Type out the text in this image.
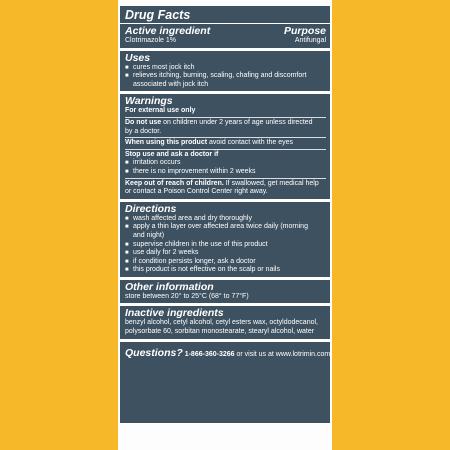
Drug Facts
Active ingredient	Purpose
Clotrimazole 1%	Antifungal
Uses
■ cures most jock itch
■ relieves itching, burning, scaling, chafing and discomfort
associated with jock itch
Warnings
For external use only
Do not use on children under 2 years of age unless directed
by a doctor.
When using this product avoid contact with the eyes
Stop use and ask a doctor if
■ irritation occurs
■ there is no improvement within 2 weeks
Keep out of reach of children. If swallowed, get medical help
or contact a Poison Control Center right away.
Directions
■ wash affected area and dry thoroughly
■ apply a thin layer over affected area twice daily (morning
and night)
■ supervise children in the use of this product
■ use daily for 2 weeks
■ if condition persists longer, ask a doctor
■ this product is not effective on the scalp or nails
Other information
store between 20° to 25°C (68° to 77°F)
Inactive ingredients
benzyl alcohol, cetyl alcohol, cetyl esters wax, octyldodecanol,
polysorbate 60, sorbitan monostearate, stearyl alcohol, water
Questions? 1-866-360-3266 or visit us at www.lotrimin.com
